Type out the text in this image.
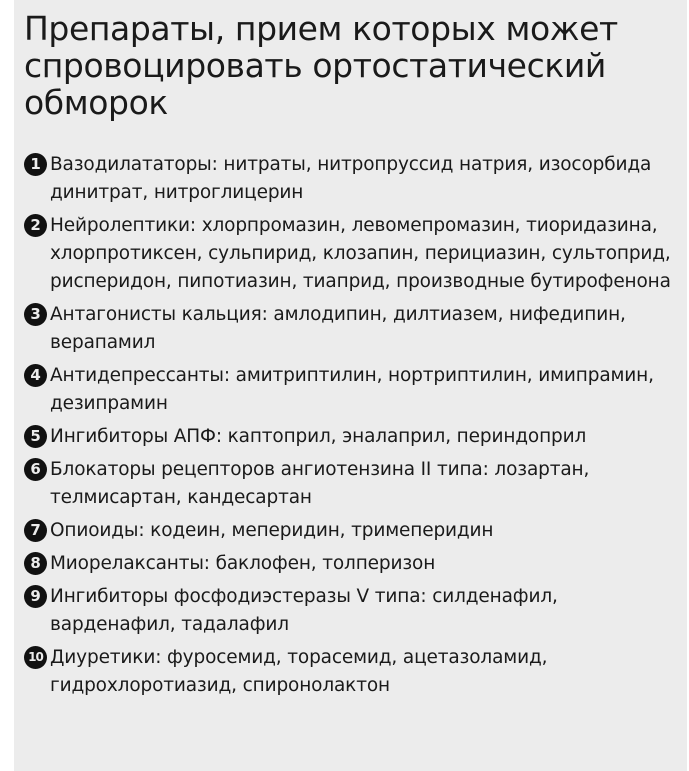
Препараты, прием которых может спровоцировать ортостатический обморок
1 Вазодилататоры: нитраты, нитропруссид натрия, изосорбида динитрат, нитроглицерин
2 Нейролептики: хлорпромазин, левомепромазин, тиоридазина, хлорпротиксен, сульпирид, клозапин, перициазин, сультоприд, рисперидон, пипотиазин, тиаприд, производные бутирофенона
3 Антагонисты кальция: амлодипин, дилтиазем, нифедипин, верапамил
4 Антидепрессанты: амитриптилин, нортриптилин, имипрамин, дезипрамин
5 Ингибиторы АПФ: каптоприл, эналаприл, периндоприл
6 Блокаторы рецепторов ангиотензина II типа: лозартан, телмисартан, кандесартан
7 Опиоиды: кодеин, меперидин, тримеперидин
8 Миорелаксанты: баклофен, толперизон
9 Ингибиторы фосфодиэстеразы V типа: силденафил, варденафил, тадалафил
10 Диуретики: фуросемид, торасемид, ацетазоламид, гидрохлоротиазид, спиронолактон
